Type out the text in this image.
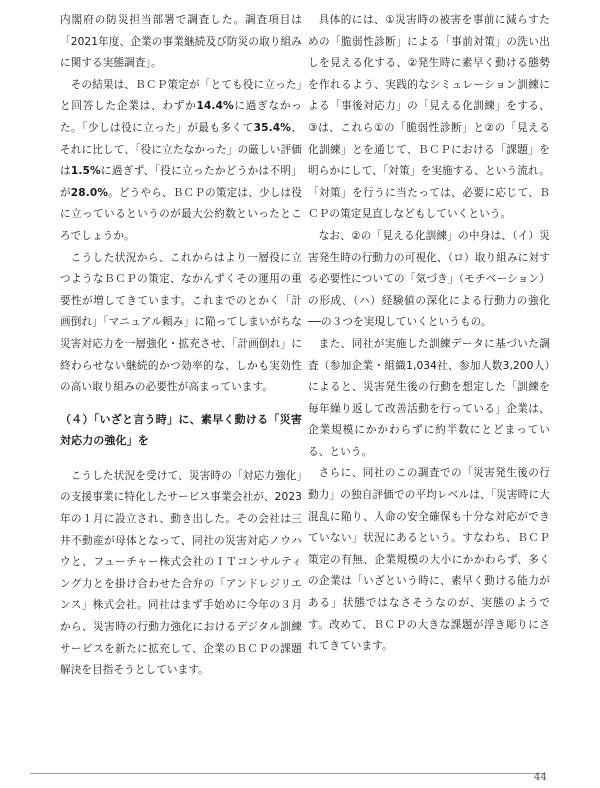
内閣府の防災担当部署で調査した。調査項目は「2021年度、企業の事業継続及び防災の取り組みに関する実態調査」。

その結果は、ＢＣＰ策定が「とても役に立った」と回答した企業は、わずか14.4%に過ぎなかった。「少しは役に立った」が最も多くて35.4%、それに比して、「役に立たなかった」の厳しい評価は1.5%に過ぎず、「役に立ったかどうかは不明」が28.0%。どうやら、ＢＣＰの策定は、少しは役に立っているというのが最大公約数といったところでしょうか。

こうした状況から、これからはより一層役に立つようなＢＣＰの策定、なかんずくその運用の重要性が増してきています。これまでのとかく「計画倒れ」「マニュアル頼み」に陥ってしまいがちな災害対応力を一層強化・拡充させ、「計画倒れ」に終わらせない継続的かつ効率的な、しかも実効性の高い取り組みの必要性が高まっています。

（４）「いざと言う時」に、素早く動ける「災害対応力の強化」を

こうした状況を受けて、災害時の「対応力強化」の支援事業に特化したサービス事業会社が、2023年の１月に設立され、動き出した。その会社は三井不動産が母体となって、同社の災害対応ノウハウと、フューチャー株式会社のＩＴコンサルティング力とを掛け合わせた合弁の「アンドレジリエンス」株式会社。同社はまず手始めに今年の３月から、災害時の行動力強化におけるデジタル訓練サービスを新たに拡充して、企業のＢＣＰの課題解決を目指そうとしています。

具体的には、①災害時の被害を事前に減らすための「脆弱性診断」による「事前対策」の洗い出しを見える化する、②発生時に素早く動ける態勢を作れるよう、実践的なシミュレーション訓練による「事後対応力」の「見える化訓練」をする、③は、これら①の「脆弱性診断」と②の「見える化訓練」とを通じて、ＢＣＰにおける「課題」を明らかにして、「対策」を実施する、という流れ。「対策」を行うに当たっては、必要に応じて、ＢＣＰの策定見直しなどもしていくという。

なお、②の「見える化訓練」の中身は、（イ）災害発生時の行動力の可視化、（ロ）取り組みに対する必要性についての「気づき」（モチベーション）の形成、（ハ）経験値の深化による行動力の強化──の３つを実現していくというもの。

また、同社が実施した訓練データに基づいた調査（参加企業・組織1,034社、参加人数3,200人）によると、災害発生後の行動を想定した「訓練を毎年繰り返して改善活動を行っている」企業は、企業規模にかかわらずに約半数にとどまっている、という。

さらに、同社のこの調査での「災害発生後の行動力」の独自評価での平均レベルは、「災害時に大混乱に陥り、人命の安全確保も十分な対応ができていない」状況にあるという。すなわち、ＢＣＰ策定の有無、企業規模の大小にかかわらず、多くの企業は「いざという時に、素早く動ける能力がある」状態ではなさそうなのが、実態のようです。改めて、ＢＣＰの大きな課題が浮き彫りにされてきています。

44
